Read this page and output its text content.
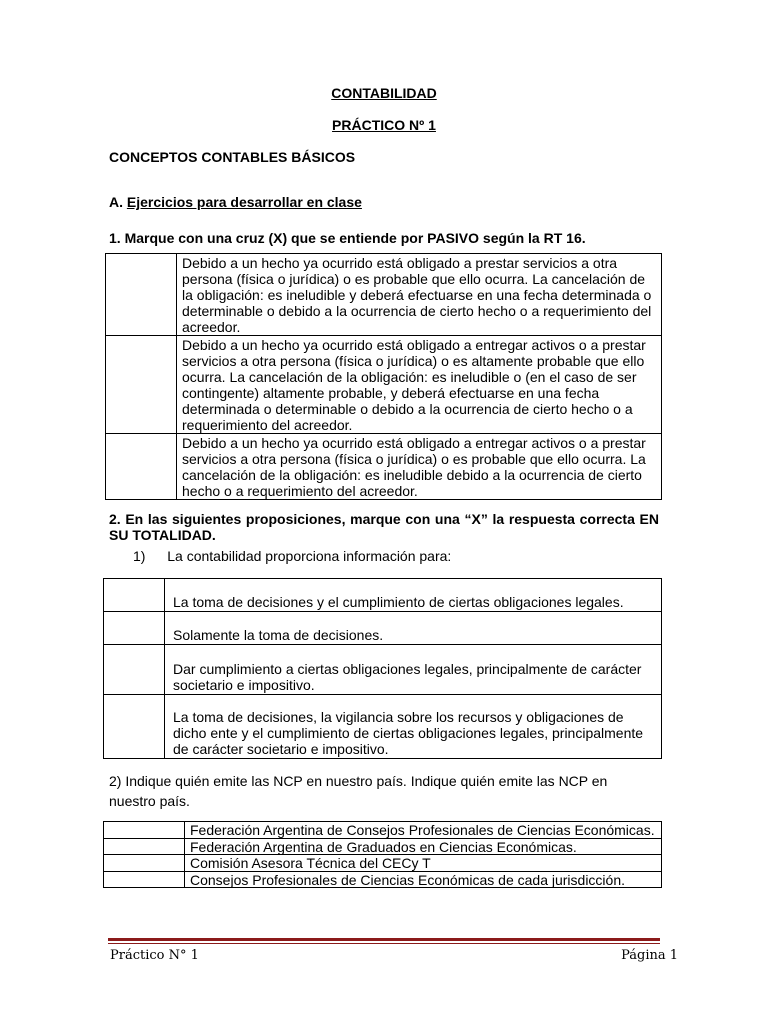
CONTABILIDAD
PRÁCTICO Nº 1
CONCEPTOS CONTABLES BÁSICOS
A. Ejercicios para desarrollar en clase
1. Marque con una cruz (X) que se entiende por PASIVO según la RT 16.
	Debido a un hecho ya ocurrido está obligado a prestar servicios a otra persona (física o jurídica) o es probable que ello ocurra. La cancelación de la obligación: es ineludible y deberá efectuarse en una fecha determinada o determinable o debido a la ocurrencia de cierto hecho o a requerimiento del acreedor.
	Debido a un hecho ya ocurrido está obligado a entregar activos o a prestar servicios a otra persona (física o jurídica) o es altamente probable que ello ocurra. La cancelación de la obligación: es ineludible o (en el caso de ser contingente) altamente probable, y deberá efectuarse en una fecha determinada o determinable o debido a la ocurrencia de cierto hecho o a requerimiento del acreedor.
	Debido a un hecho ya ocurrido está obligado a entregar activos o a prestar servicios a otra persona (física o jurídica) o es probable que ello ocurra. La cancelación de la obligación: es ineludible debido a la ocurrencia de cierto hecho o a requerimiento del acreedor.
2. En las siguientes proposiciones, marque con una “X” la respuesta correcta EN SU TOTALIDAD.
1) La contabilidad proporciona información para:
	La toma de decisiones y el cumplimiento de ciertas obligaciones legales.
	Solamente la toma de decisiones.
	Dar cumplimiento a ciertas obligaciones legales, principalmente de carácter societario e impositivo.
	La toma de decisiones, la vigilancia sobre los recursos y obligaciones de dicho ente y el cumplimiento de ciertas obligaciones legales, principalmente de carácter societario e impositivo.
2) Indique quién emite las NCP en nuestro país. Indique quién emite las NCP en nuestro país.
	Federación Argentina de Consejos Profesionales de Ciencias Económicas.
	Federación Argentina de Graduados en Ciencias Económicas.
	Comisión Asesora Técnica del CECy T
	Consejos Profesionales de Ciencias Económicas de cada jurisdicción.
Práctico N° 1	Página 1
